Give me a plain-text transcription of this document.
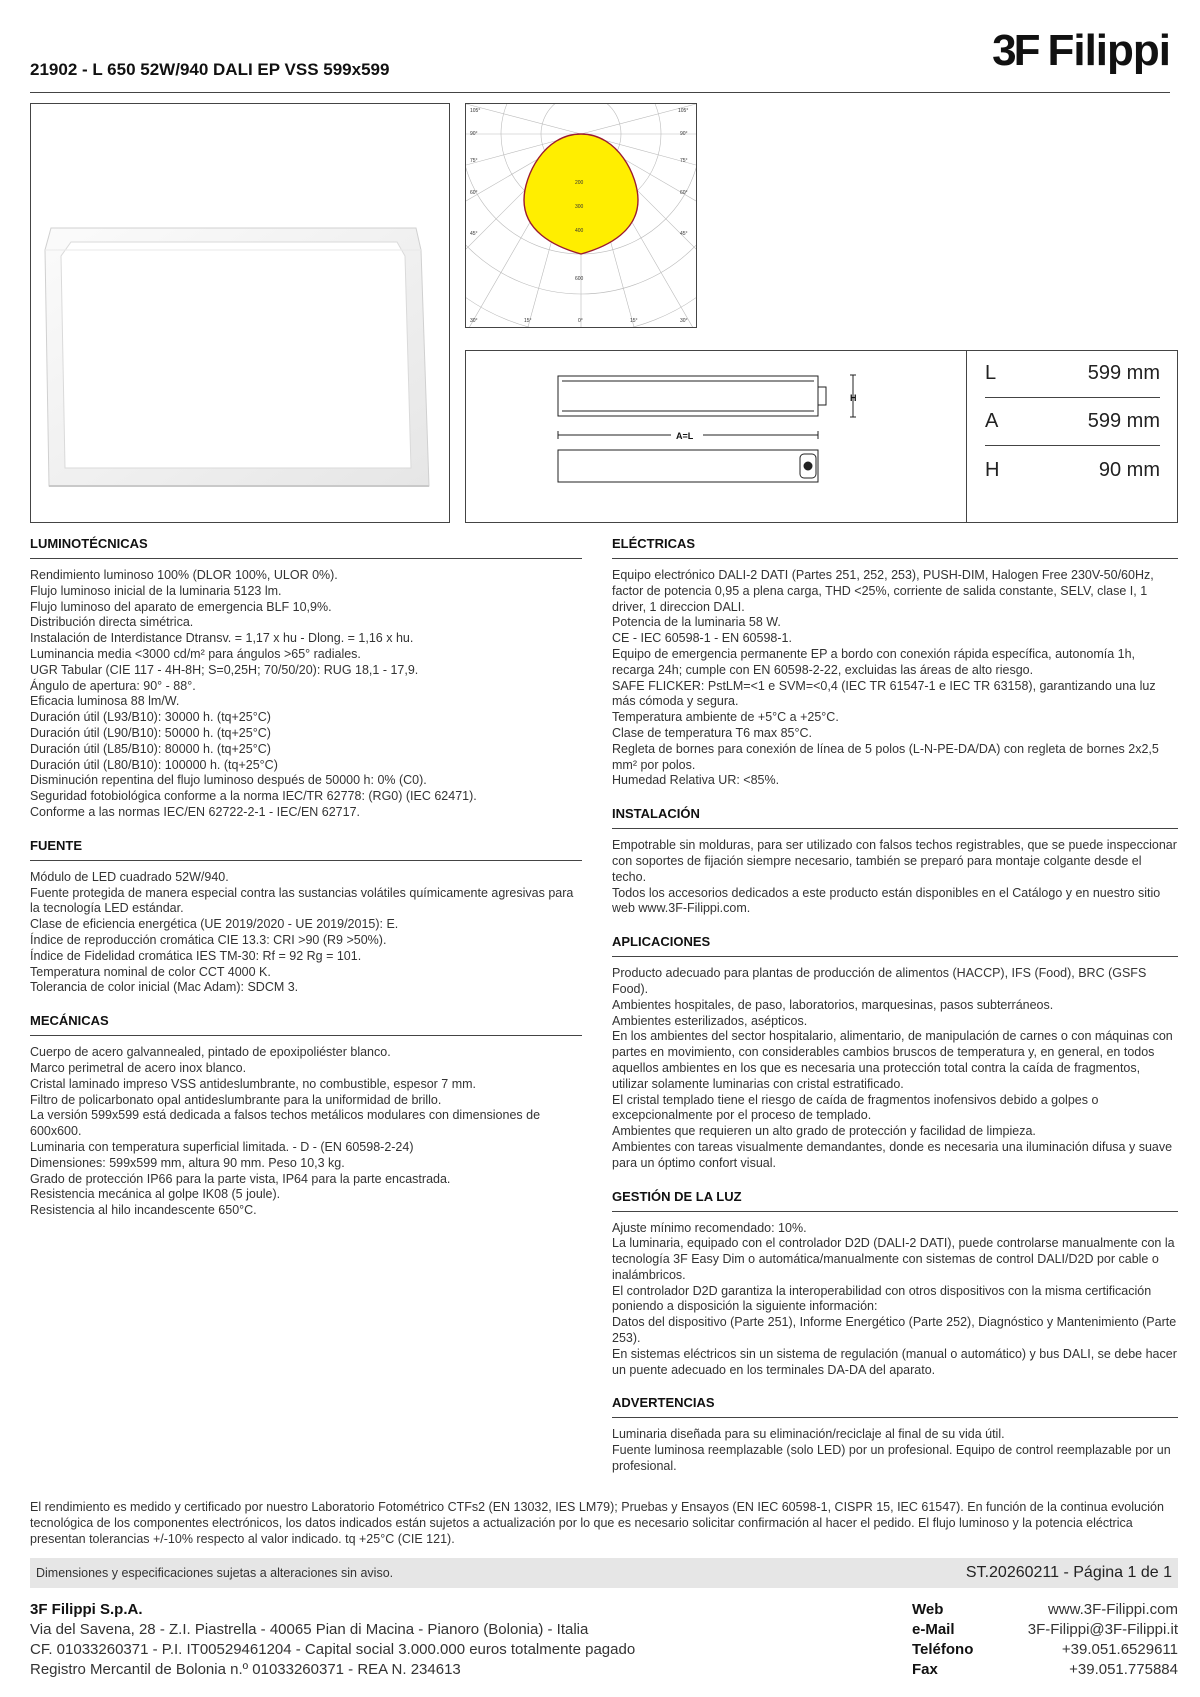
21902 - L 650 52W/940 DALI EP VSS 599x599	3F Filippi
105°	105°
90°	90°
75°	75°
60°	60°
45°	45°
200
300
400
600
30°	15°	0°	15°	30°
H
A=L
L	599 mm
A	599 mm
H	90 mm
LUMINOTÉCNICAS

Rendimiento luminoso 100% (DLOR 100%, ULOR 0%).

Flujo luminoso inicial de la luminaria 5123 lm.

Flujo luminoso del aparato de emergencia BLF 10,9%.

Distribución directa simétrica.

Instalación de Interdistance Dtransv. = 1,17 x hu - Dlong. = 1,16 x hu.

Luminancia media <3000 cd/m² para ángulos >65° radiales.

UGR Tabular (CIE 117 - 4H-8H; S=0,25H; 70/50/20): RUG 18,1 - 17,9.

Ángulo de apertura: 90° - 88°.

Eficacia luminosa 88 lm/W.

Duración útil (L93/B10): 30000 h. (tq+25°C)

Duración útil (L90/B10): 50000 h. (tq+25°C)

Duración útil (L85/B10): 80000 h. (tq+25°C)

Duración útil (L80/B10): 100000 h. (tq+25°C)

Disminución repentina del flujo luminoso después de 50000 h: 0% (C0).

Seguridad fotobiológica conforme a la norma IEC/TR 62778: (RG0) (IEC 62471).

Conforme a las normas IEC/EN 62722-2-1 - IEC/EN 62717.

FUENTE

Módulo de LED cuadrado 52W/940.

Fuente protegida de manera especial contra las sustancias volátiles químicamente agresivas para la tecnología LED estándar.

Clase de eficiencia energética (UE 2019/2020 - UE 2019/2015): E.

Índice de reproducción cromática CIE 13.3: CRI >90 (R9 >50%).

Índice de Fidelidad cromática IES TM-30: Rf = 92 Rg = 101.

Temperatura nominal de color CCT 4000 K.

Tolerancia de color inicial (Mac Adam): SDCM 3.

MECÁNICAS

Cuerpo de acero galvannealed, pintado de epoxipoliéster blanco.

Marco perimetral de acero inox blanco.

Cristal laminado impreso VSS antideslumbrante, no combustible, espesor 7 mm.

Filtro de policarbonato opal antideslumbrante para la uniformidad de brillo.

La versión 599x599 está dedicada a falsos techos metálicos modulares con dimensiones de 600x600.

Luminaria con temperatura superficial limitada. - D - (EN 60598-2-24)

Dimensiones: 599x599 mm, altura 90 mm. Peso 10,3 kg.

Grado de protección IP66 para la parte vista, IP64 para la parte encastrada.

Resistencia mecánica al golpe IK08 (5 joule).

Resistencia al hilo incandescente 650°C.

ELÉCTRICAS

Equipo electrónico DALI-2 DATI (Partes 251, 252, 253), PUSH-DIM, Halogen Free 230V-50/60Hz, factor de potencia 0,95 a plena carga, THD <25%, corriente de salida constante, SELV, clase I, 1 driver, 1 direccion DALI.

Potencia de la luminaria 58 W.

CE - IEC 60598-1 - EN 60598-1.

Equipo de emergencia permanente EP a bordo con conexión rápida específica, autonomía 1h, recarga 24h; cumple con EN 60598-2-22, excluidas las áreas de alto riesgo.

SAFE FLICKER: PstLM=<1 e SVM=<0,4 (IEC TR 61547-1 e IEC TR 63158), garantizando una luz más cómoda y segura.

Temperatura ambiente de +5°C a +25°C.

Clase de temperatura T6 max 85°C.

Regleta de bornes para conexión de línea de 5 polos (L-N-PE-DA/DA) con regleta de bornes 2x2,5 mm² por polos.

Humedad Relativa UR: <85%.

INSTALACIÓN

Empotrable sin molduras, para ser utilizado con falsos techos registrables, que se puede inspeccionar con soportes de fijación siempre necesario, también se preparó para montaje colgante desde el techo.

Todos los accesorios dedicados a este producto están disponibles en el Catálogo y en nuestro sitio web www.3F-Filippi.com.

APLICACIONES

Producto adecuado para plantas de producción de alimentos (HACCP), IFS (Food), BRC (GSFS Food).

Ambientes hospitales, de paso, laboratorios, marquesinas, pasos subterráneos.

Ambientes esterilizados, asépticos.

En los ambientes del sector hospitalario, alimentario, de manipulación de carnes o con máquinas con partes en movimiento, con considerables cambios bruscos de temperatura y, en general, en todos aquellos ambientes en los que es necesaria una protección total contra la caída de fragmentos, utilizar solamente luminarias con cristal estratificado.

El cristal templado tiene el riesgo de caída de fragmentos inofensivos debido a golpes o excepcionalmente por el proceso de templado.

Ambientes que requieren un alto grado de protección y facilidad de limpieza.

Ambientes con tareas visualmente demandantes, donde es necesaria una iluminación difusa y suave para un óptimo confort visual.

GESTIÓN DE LA LUZ

Ajuste mínimo recomendado: 10%.

La luminaria, equipado con el controlador D2D (DALI-2 DATI), puede controlarse manualmente con la tecnología 3F Easy Dim o automática/manualmente con sistemas de control DALI/D2D por cable o inalámbricos.

El controlador D2D garantiza la interoperabilidad con otros dispositivos con la misma certificación poniendo a disposición la siguiente información:

Datos del dispositivo (Parte 251), Informe Energético (Parte 252), Diagnóstico y Mantenimiento (Parte 253).

En sistemas eléctricos sin un sistema de regulación (manual o automático) y bus DALI, se debe hacer un puente adecuado en los terminales DA-DA del aparato.

ADVERTENCIAS

Luminaria diseñada para su eliminación/reciclaje al final de su vida útil.

Fuente luminosa reemplazable (solo LED) por un profesional. Equipo de control reemplazable por un profesional.

El rendimiento es medido y certificado por nuestro Laboratorio Fotométrico CTFs2 (EN 13032, IES LM79); Pruebas y Ensayos (EN IEC 60598-1, CISPR 15, IEC 61547). En función de la continua evolución tecnológica de los componentes electrónicos, los datos indicados están sujetos a actualización por lo que es necesario solicitar confirmación al hacer el pedido. El flujo luminoso y la potencia eléctrica presentan tolerancias +/-10% respecto al valor indicado. tq +25°C (CIE 121).
Dimensiones y especificaciones sujetas a alteraciones sin aviso.	ST.20260211 - Página 1 de 1
3F Filippi S.p.A.
Via del Savena, 28 - Z.I. Piastrella - 40065 Pian di Macina - Pianoro (Bolonia) - Italia
CF. 01033260371 - P.I. IT00529461204 - Capital social 3.000.000 euros totalmente pagado
Registro Mercantil de Bolonia n.º 01033260371 - REA N. 234613
Web	www.3F-Filippi.com
e-Mail	3F-Filippi@3F-Filippi.it
Teléfono	+39.051.6529611
Fax	+39.051.775884
